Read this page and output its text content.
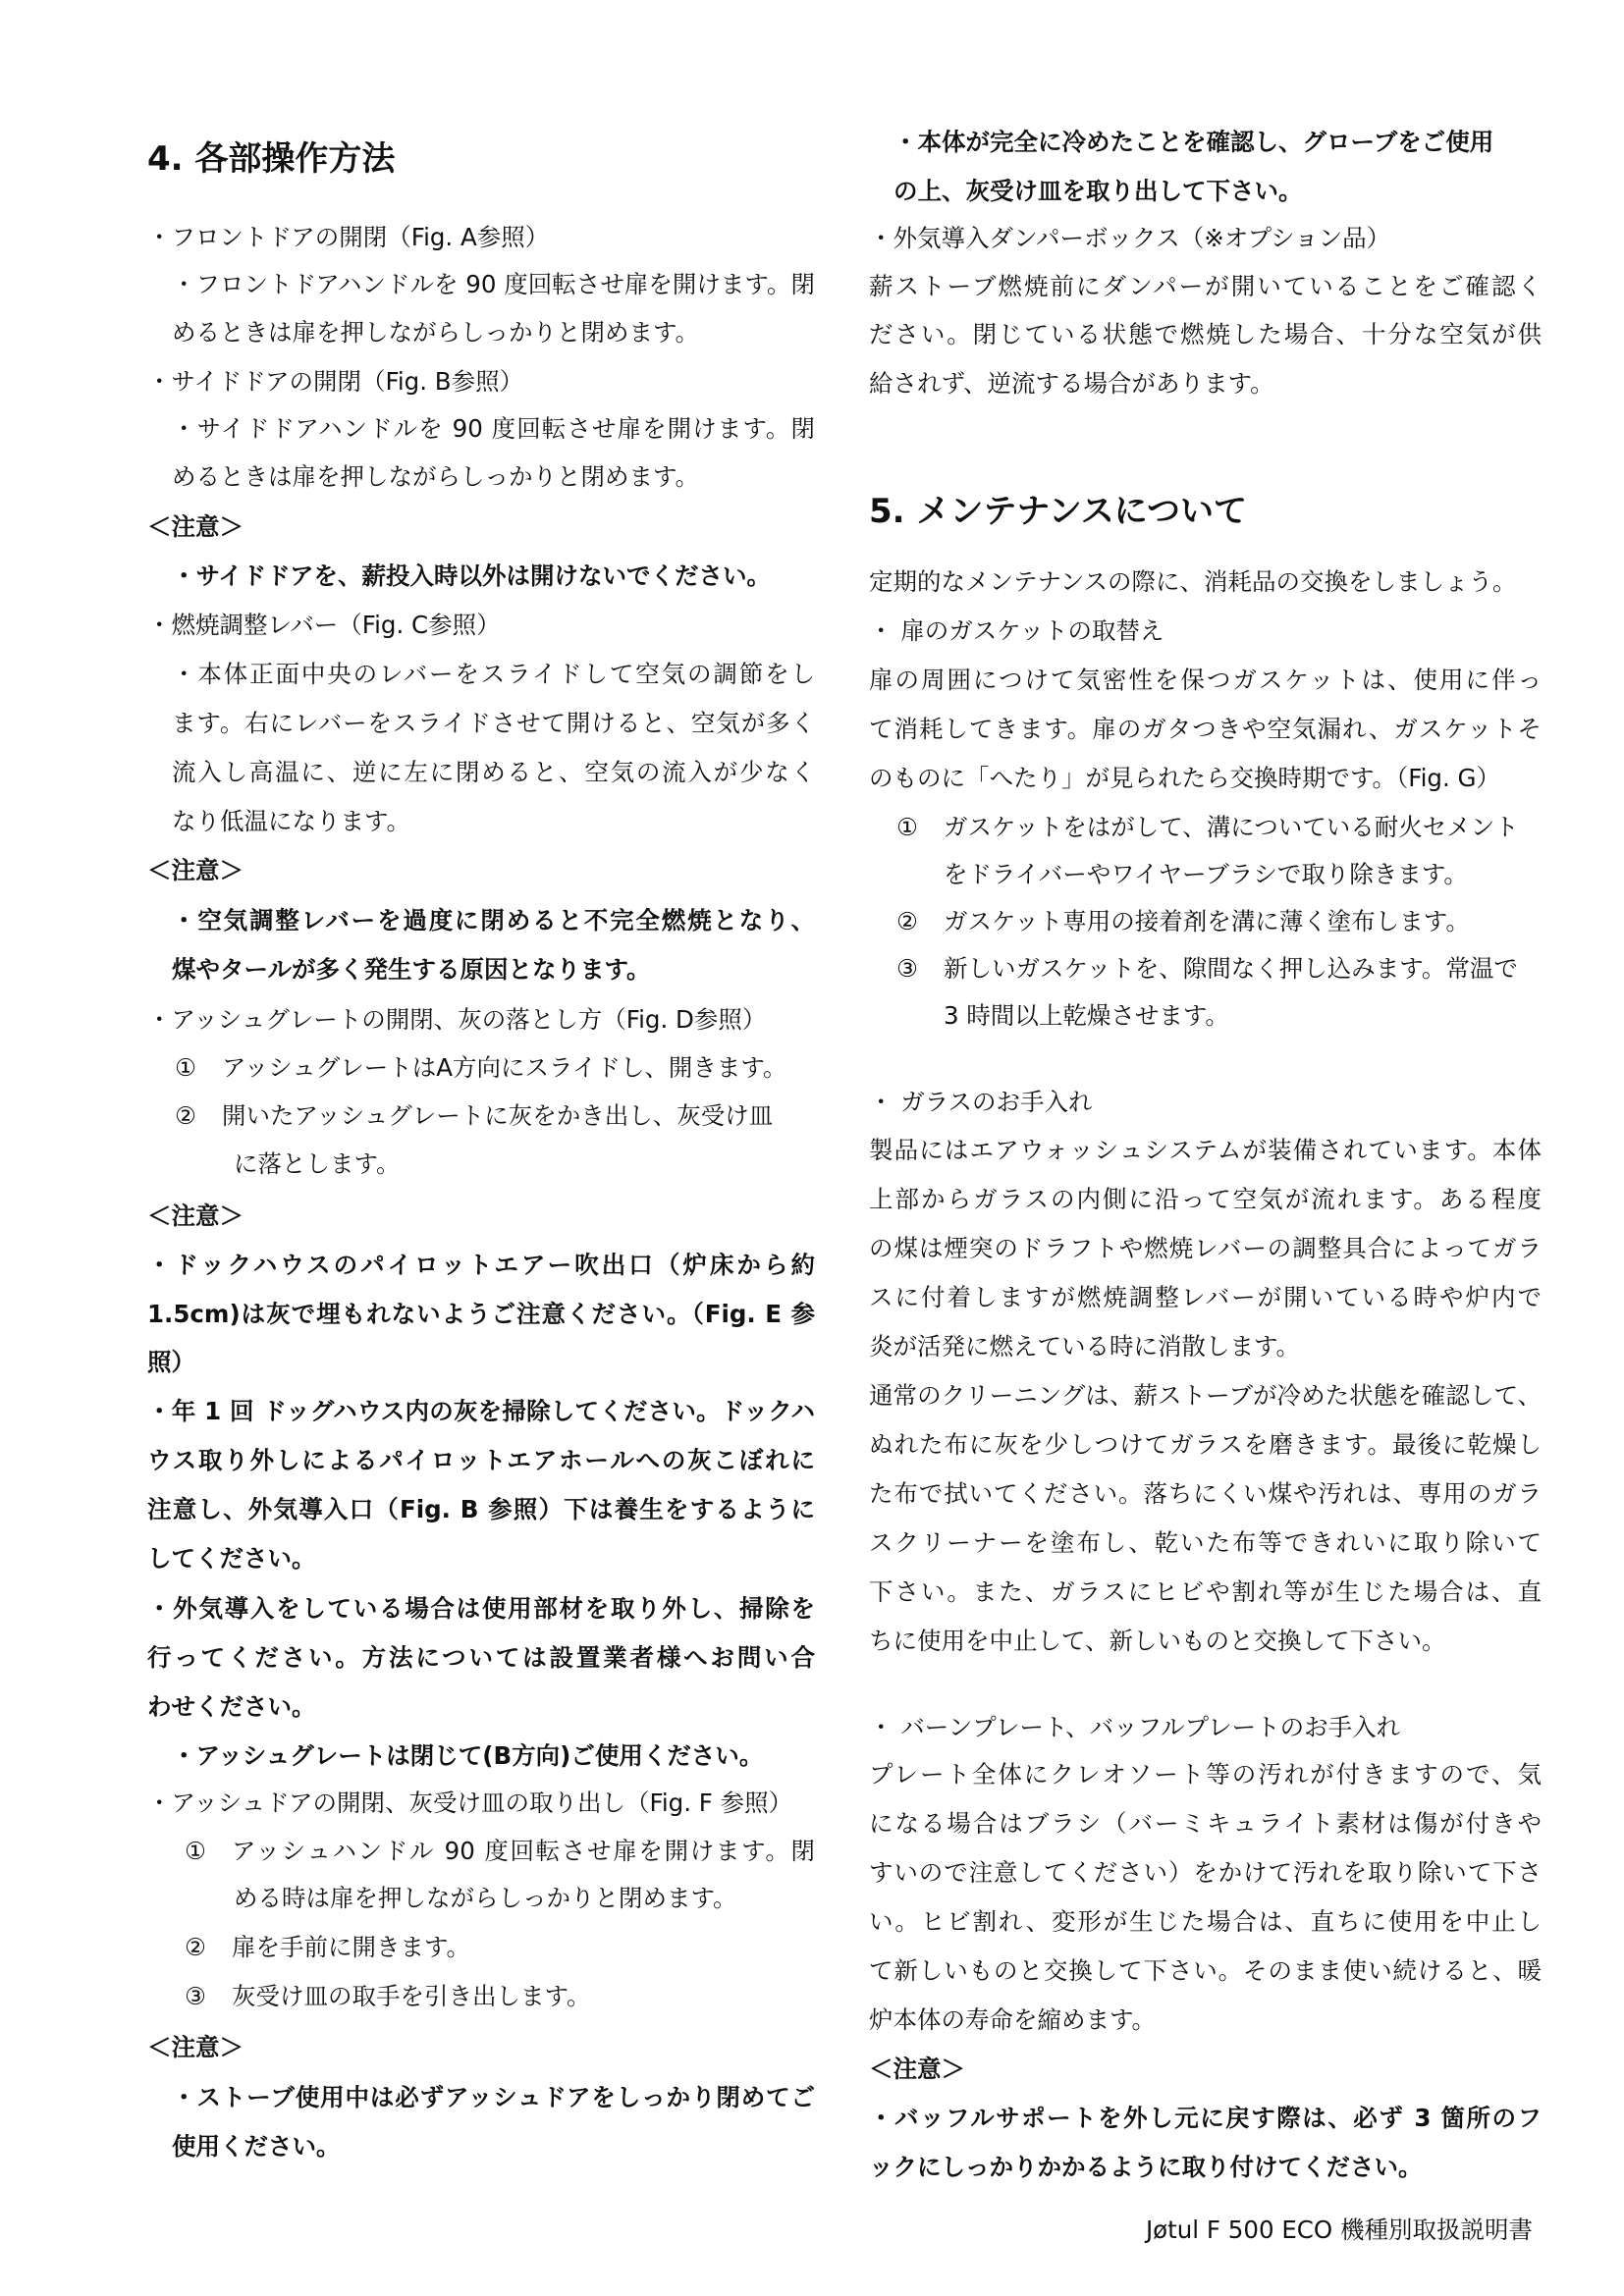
4. 各部操作方法
・フロントドアの開閉（Fig. A参照）
・フロントドアハンドルを 90 度回転させ扉を開けます。閉
めるときは扉を押しながらしっかりと閉めます。
・サイドドアの開閉（Fig. B参照）
・サイドドアハンドルを 90 度回転させ扉を開けます。閉
めるときは扉を押しながらしっかりと閉めます。
＜注意＞
・サイドドアを、薪投入時以外は開けないでください。
・燃焼調整レバー（Fig. C参照）
・本体正面中央のレバーをスライドして空気の調節をし
ます。右にレバーをスライドさせて開けると、空気が多く
流入し高温に、逆に左に閉めると、空気の流入が少なく
なり低温になります。
＜注意＞
・空気調整レバーを過度に閉めると不完全燃焼となり、
煤やタールが多く発生する原因となります。
・アッシュグレートの開閉、灰の落とし方（Fig. D参照）
①	アッシュグレートはA方向にスライドし、開きます。
②	開いたアッシュグレートに灰をかき出し、灰受け皿
に落とします。
＜注意＞
・ドックハウスのパイロットエアー吹出口（炉床から約
1.5cm)は灰で埋もれないようご注意ください。（Fig. E 参
照）
・年 1 回 ドッグハウス内の灰を掃除してください。ドックハ
ウス取り外しによるパイロットエアホールへの灰こぼれに
注意し、外気導入口（Fig. B 参照）下は養生をするように
してください。
・外気導入をしている場合は使用部材を取り外し、掃除を
行ってください。方法については設置業者様へお問い合
わせください。
・アッシュグレートは閉じて(B方向)ご使用ください。
・アッシュドアの開閉、灰受け皿の取り出し（Fig. F 参照）
①	アッシュハンドル 90 度回転させ扉を開けます。閉
める時は扉を押しながらしっかりと閉めます。
②	扉を手前に開きます。
③	灰受け皿の取手を引き出します。
＜注意＞
・ストーブ使用中は必ずアッシュドアをしっかり閉めてご
使用ください。
・本体が完全に冷めたことを確認し、グローブをご使用
の上、灰受け皿を取り出して下さい。
・外気導入ダンパーボックス（※オプション品）
薪ストーブ燃焼前にダンパーが開いていることをご確認く
ださい。閉じている状態で燃焼した場合、十分な空気が供
給されず、逆流する場合があります。
5. メンテナンスについて
定期的なメンテナンスの際に、消耗品の交換をしましょう。
・ 扉のガスケットの取替え
扉の周囲につけて気密性を保つガスケットは、使用に伴っ
て消耗してきます。扉のガタつきや空気漏れ、ガスケットそ
のものに「へたり」が見られたら交換時期です。（Fig. G）
①	ガスケットをはがして、溝についている耐火セメント
をドライバーやワイヤーブラシで取り除きます。
②	ガスケット専用の接着剤を溝に薄く塗布します。
③	新しいガスケットを、隙間なく押し込みます。常温で
3 時間以上乾燥させます。
・ ガラスのお手入れ
製品にはエアウォッシュシステムが装備されています。本体
上部からガラスの内側に沿って空気が流れます。ある程度
の煤は煙突のドラフトや燃焼レバーの調整具合によってガラ
スに付着しますが燃焼調整レバーが開いている時や炉内で
炎が活発に燃えている時に消散します。
通常のクリーニングは、薪ストーブが冷めた状態を確認して、
ぬれた布に灰を少しつけてガラスを磨きます。最後に乾燥し
た布で拭いてください。落ちにくい煤や汚れは、専用のガラ
スクリーナーを塗布し、乾いた布等できれいに取り除いて
下さい。また、ガラスにヒビや割れ等が生じた場合は、直
ちに使用を中止して、新しいものと交換して下さい。
・ バーンプレート、バッフルプレートのお手入れ
プレート全体にクレオソート等の汚れが付きますので、気
になる場合はブラシ（バーミキュライト素材は傷が付きや
すいので注意してください）をかけて汚れを取り除いて下さ
い。ヒビ割れ、変形が生じた場合は、直ちに使用を中止し
て新しいものと交換して下さい。そのまま使い続けると、暖
炉本体の寿命を縮めます。
＜注意＞
・バッフルサポートを外し元に戻す際は、必ず 3 箇所のフ
ックにしっかりかかるように取り付けてください。
Jøtul F 500 ECO 機種別取扱説明書
